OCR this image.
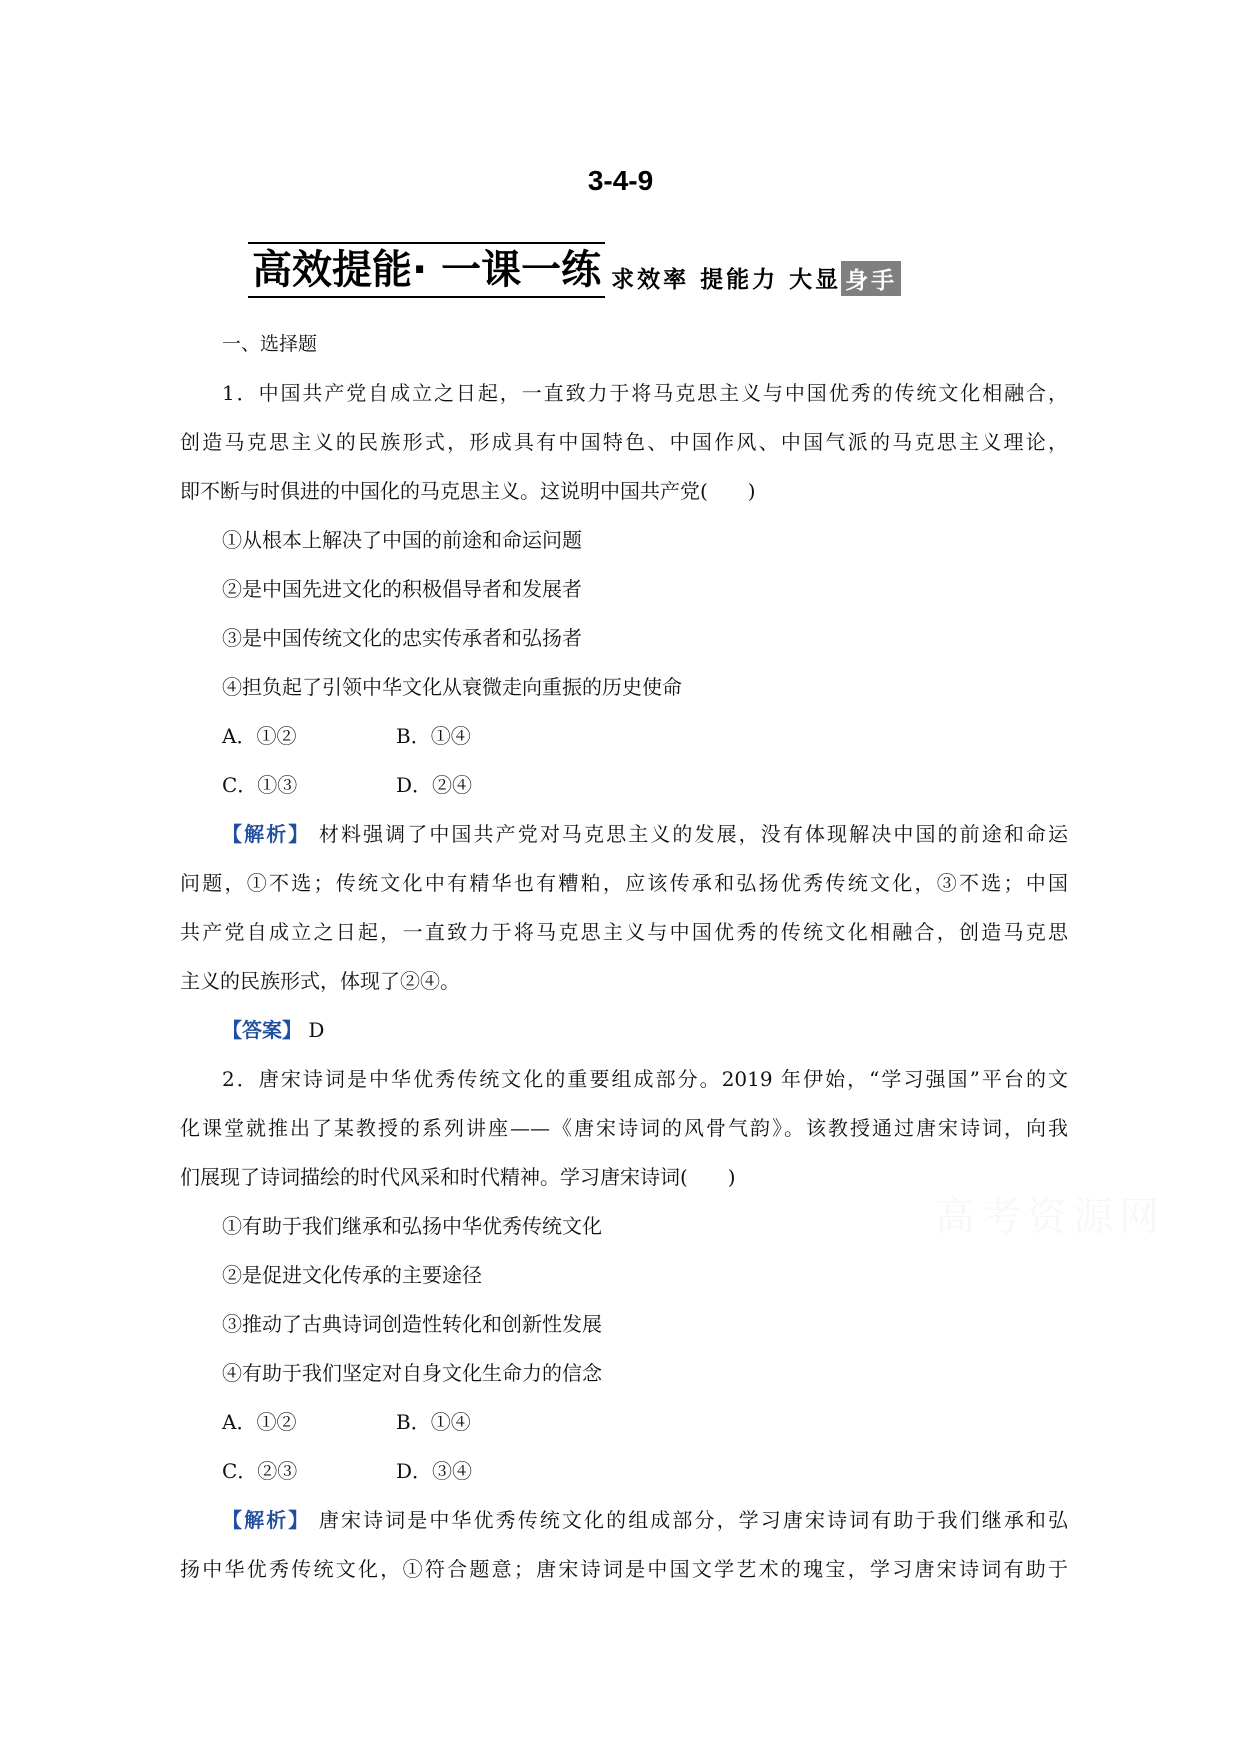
3-4-9
高效提能· 一课一练 求效率 提能力 大显 身手
高考资源网
一、选择题
1．中国共产党自成立之日起，一直致力于将马克思主义与中国优秀的传统文化相融合，
创造马克思主义的民族形式，形成具有中国特色、中国作风、中国气派的马克思主义理论，
即不断与时俱进的中国化的马克思主义。这说明中国共产党(　　)
①从根本上解决了中国的前途和命运问题
②是中国先进文化的积极倡导者和发展者
③是中国传统文化的忠实传承者和弘扬者
④担负起了引领中华文化从衰微走向重振的历史使命
A．①②	B．①④
C．①③	D．②④
【解析】 材料强调了中国共产党对马克思主义的发展，没有体现解决中国的前途和命运
问题，①不选；传统文化中有精华也有糟粕，应该传承和弘扬优秀传统文化，③不选；中国
共产党自成立之日起，一直致力于将马克思主义与中国优秀的传统文化相融合，创造马克思
主义的民族形式，体现了②④。
【答案】 D
2．唐宋诗词是中华优秀传统文化的重要组成部分。2019 年伊始，“学习强国”平台的文
化课堂就推出了某教授的系列讲座——《唐宋诗词的风骨气韵》。该教授通过唐宋诗词，向我
们展现了诗词描绘的时代风采和时代精神。学习唐宋诗词(　　)
①有助于我们继承和弘扬中华优秀传统文化
②是促进文化传承的主要途径
③推动了古典诗词创造性转化和创新性发展
④有助于我们坚定对自身文化生命力的信念
A．①②	B．①④
C．②③	D．③④
【解析】 唐宋诗词是中华优秀传统文化的组成部分，学习唐宋诗词有助于我们继承和弘
扬中华优秀传统文化，①符合题意；唐宋诗词是中国文学艺术的瑰宝，学习唐宋诗词有助于
